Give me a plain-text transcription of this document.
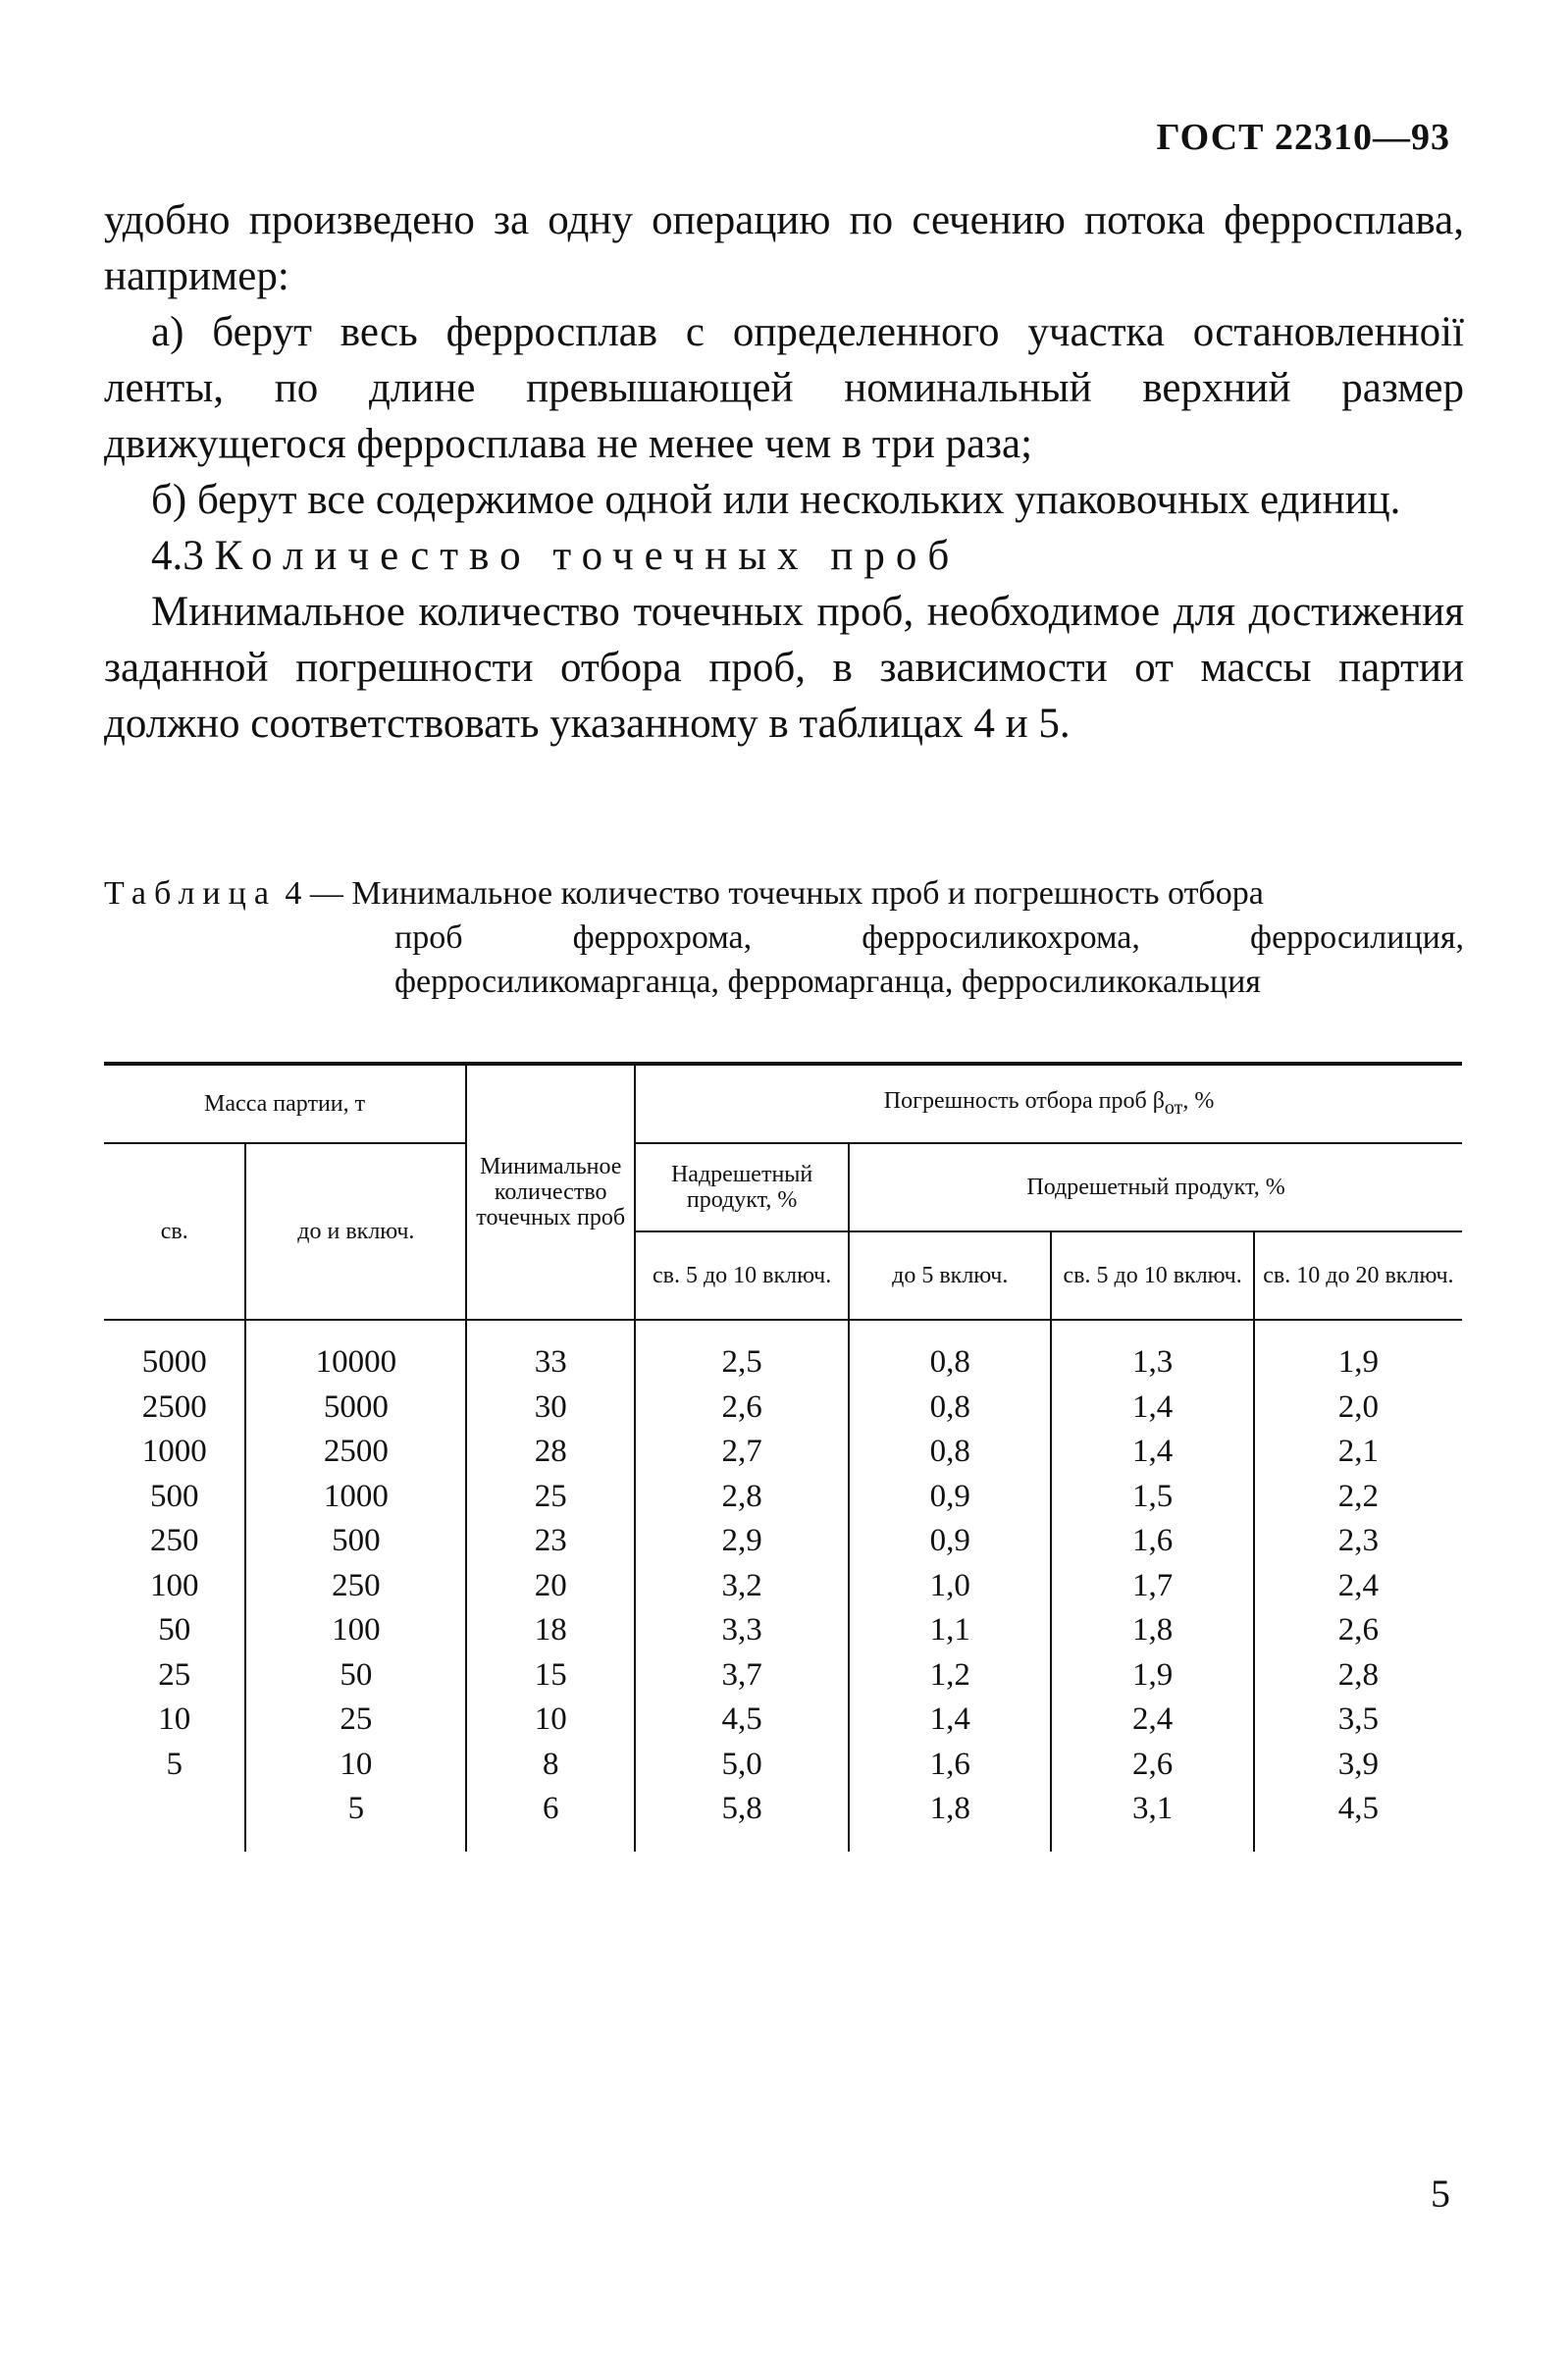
ГОСТ 22310—93

удобно произведено за одну операцию по сечению потока ферросплава, например:

а) берут весь ферросплав с определенного участка остановленноії ленты, по длине превышающей номинальный верхний размер движущегося ферросплава не менее чем в три раза;

б) берут все содержимое одной или нескольких упаковочных единиц.

4.3 Количество точечных проб

Минимальное количество точечных проб, необходимое для достижения заданной погрешности отбора проб, в зависимости от массы партии должно соответствовать указанному в таблицах 4 и 5.

Таблица 4 — Минимальное количество точечных проб и погрешность отбора
проб феррохрома, ферросиликохрома, ферросилиция, ферросиликомарганца, ферромарганца, ферросиликокальция
Масса партии, т		Минимальное количество точечных проб	Погрешность отбора проб $\beta_{от}$, %			
св.	до и включ.		Надрешетный продукт, %	Подрешетный продукт, %		
			св. 5 до 10 включ.	до 5 включ.	св. 5 до 10 включ.	св. 10 до 20 включ.
5000	10000	33	2,5	0,8	1,3	1,9
2500	5000	30	2,6	0,8	1,4	2,0
1000	2500	28	2,7	0,8	1,4	2,1
500	1000	25	2,8	0,9	1,5	2,2
250	500	23	2,9	0,9	1,6	2,3
100	250	20	3,2	1,0	1,7	2,4
50	100	18	3,3	1,1	1,8	2,6
25	50	15	3,7	1,2	1,9	2,8
10	25	10	4,5	1,4	2,4	3,5
5	10	8	5,0	1,6	2,6	3,9
	5	6	5,8	1,8	3,1	4,5
5
